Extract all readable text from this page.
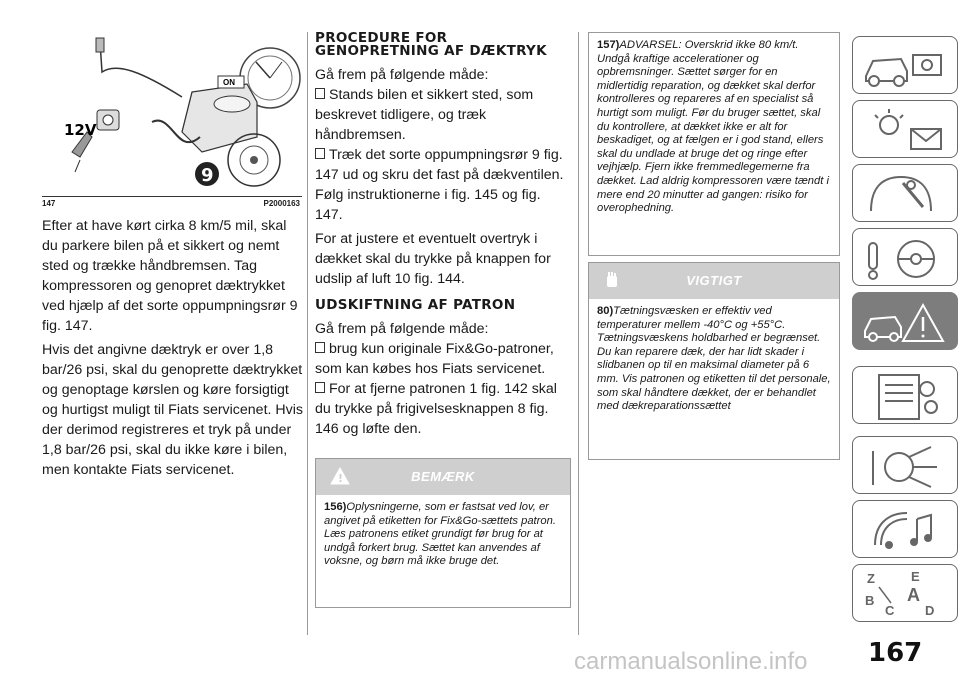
ON
9
12V
147	P2000163

Efter at have kørt cirka 8 km/5 mil, skal du parkere bilen på et sikkert og nemt sted og trække håndbremsen. Tag kompressoren og genopret dæktrykket ved hjælp af det sorte oppumpningsrør 9 fig. 147.

Hvis det angivne dæktryk er over 1,8 bar/26 psi, skal du genoprette dæktrykket og genoptage kørslen og køre forsigtigt og hurtigst muligt til Fiats servicenet. Hvis der derimod registreres et tryk på under 1,8 bar/26 psi, skal du ikke køre i bilen, men kontakte Fiats servicenet.

PROCEDURE FOR GENOPRETNING AF DÆKTRYK

Gå frem på følgende måde:

Stands bilen et sikkert sted, som beskrevet tidligere, og træk håndbremsen.

Træk det sorte oppumpningsrør 9 fig. 147 ud og skru det fast på dækventilen. Følg instruktionerne i fig. 145 og fig. 147.

For at justere et eventuelt overtryk i dækket skal du trykke på knappen for udslip af luft 10 fig. 144.

UDSKIFTNING AF PATRON

Gå frem på følgende måde:

brug kun originale Fix&Go-patroner, som kan købes hos Fiats servicenet.

For at fjerne patronen 1 fig. 142 skal du trykke på frigivelsesknappen 8 fig. 146 og løfte den.

!	BEMÆRK
156)Oplysningerne, som er fastsat ved lov, er angivet på etiketten for Fix&Go-sættets patron. Læs patronens etiket grundigt før brug for at undgå forkert brug. Sættet kan anvendes af voksne, og børn må ikke bruge det.
157)ADVARSEL: Overskrid ikke 80 km/t. Undgå kraftige accelerationer og opbremsninger. Sættet sørger for en midlertidig reparation, og dækket skal derfor kontrolleres og repareres af en specialist så hurtigt som muligt. Før du bruger sættet, skal du kontrollere, at dækket ikke er alt for beskadiget, og at fælgen er i god stand, ellers skal du undlade at bruge det og ringe efter vejhjælp. Fjern ikke fremmedlegemerne fra dækket. Lad aldrig kompressoren være tændt i mere end 20 minutter ad gangen: risiko for overophedning.
VIGTIGT
80)Tætningsvæsken er effektiv ved temperaturer mellem -40°C og +55°C. Tætningsvæskens holdbarhed er begrænset. Du kan reparere dæk, der har lidt skader i slidbanen op til en maksimal diameter på 6 mm. Vis patronen og etiketten til det personale, som skal håndtere dækket, der er behandlet med dækreparationssættet
Z	E
B A
C D
167
carmanualsonline.info
